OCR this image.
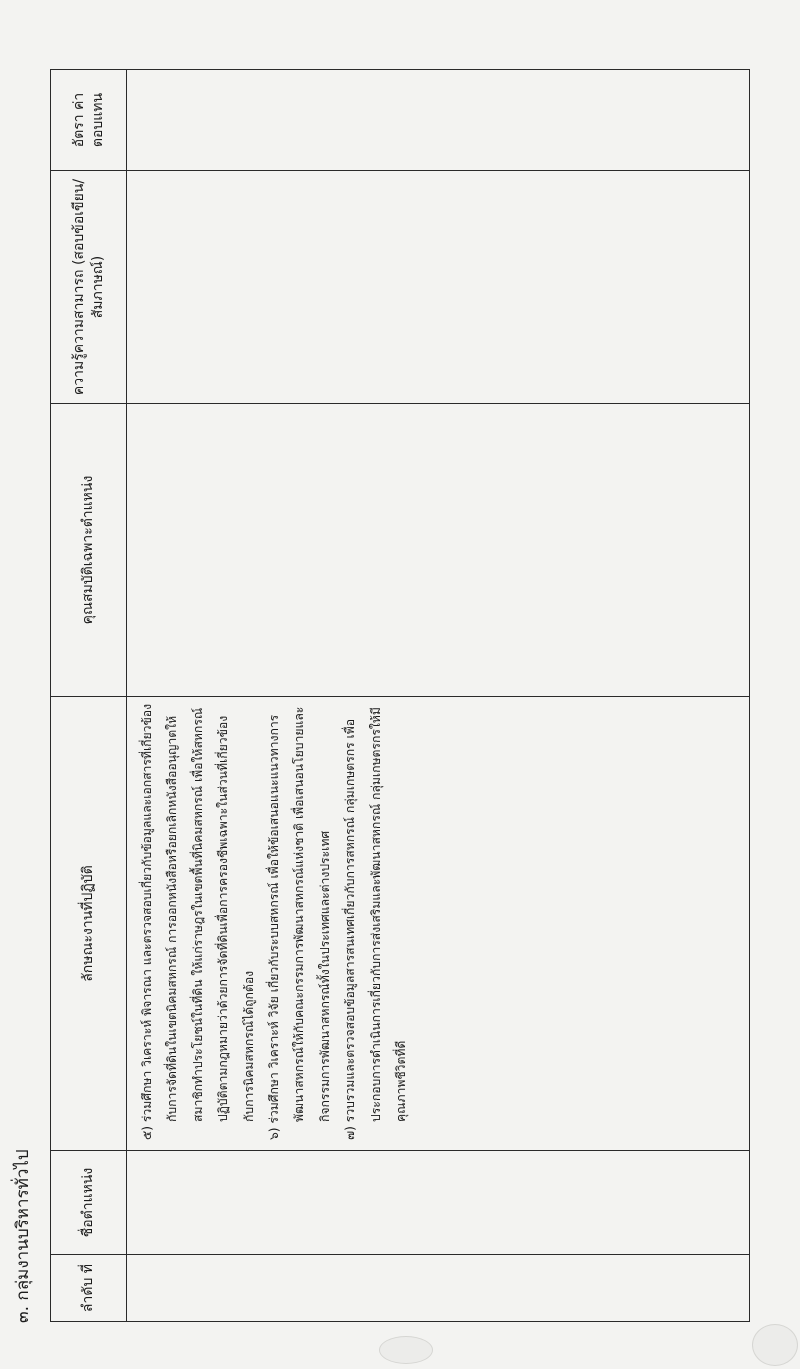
๓. กลุ่มงานบริหารทั่วไป	ลำดับ ที่	ชื่อตำแหน่ง	ลักษณะงานที่ปฏิบัติ	คุณสมบัติเฉพาะตำแหน่ง	ความรู้ความสามารถ (สอบข้อเขียน/สัมภาษณ์)	อัตรา ค่าตอบแทน

		๕) ร่วมศึกษา วิเคราะห์ พิจารณา และตรวจสอบเกี่ยวกับข้อมูลและเอกสารที่เกี่ยวข้องกับการจัดที่ดินในเขตนิคมสหกรณ์ การออกหนังสือหรือยกเลิกหนังสืออนุญาตให้สมาชิกทำประโยชน์ในที่ดิน ให้แก่ราษฎรในเขตพื้นที่นิคมสหกรณ์ เพื่อให้สหกรณ์ปฏิบัติตามกฎหมายว่าด้วยการจัดที่ดินเพื่อการครองชีพเฉพาะในส่วนที่เกี่ยวข้องกับการนิคมสหกรณ์ได้ถูกต้อง ๖) ร่วมศึกษา วิเคราะห์ วิจัย เกี่ยวกับระบบสหกรณ์ เพื่อให้ข้อเสนอแนะแนวทางการพัฒนาสหกรณ์ให้กับคณะกรรมการพัฒนาสหกรณ์แห่งชาติ เพื่อเสนอนโยบายและกิจกรรมการพัฒนาสหกรณ์ทั้งในประเทศและต่างประเทศ ๗) รวบรวมและตรวจสอบข้อมูลสารสนเทศเกี่ยวกับการสหกรณ์ กลุ่มเกษตรกร เพื่อประกอบการดำเนินการเกี่ยวกับการส่งเสริมและพัฒนาสหกรณ์ กลุ่มเกษตรกรให้มีคุณภาพชีวิตที่ดี			
